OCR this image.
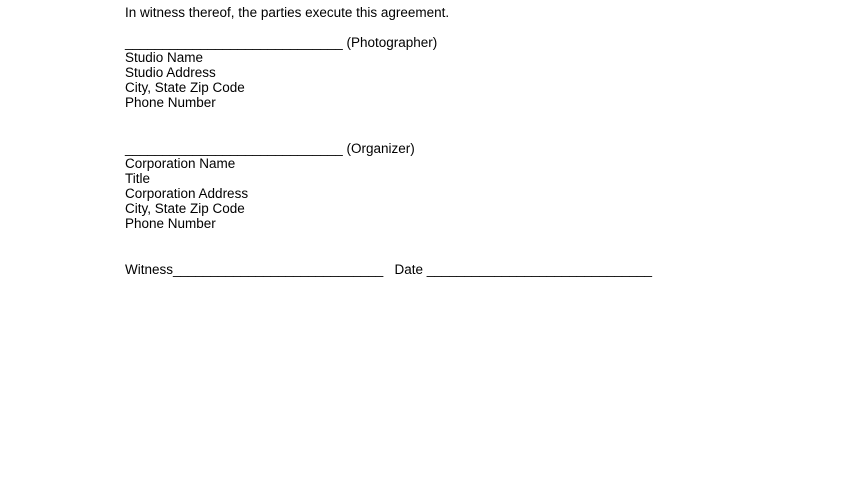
In witness thereof, the parties execute this agreement.
_____________________________ (Photographer)
Studio Name
Studio Address
City, State Zip Code
Phone Number
_____________________________ (Organizer)
Corporation Name
Title
Corporation Address
City, State Zip Code
Phone Number
Witness____________________________   Date ______________________________
